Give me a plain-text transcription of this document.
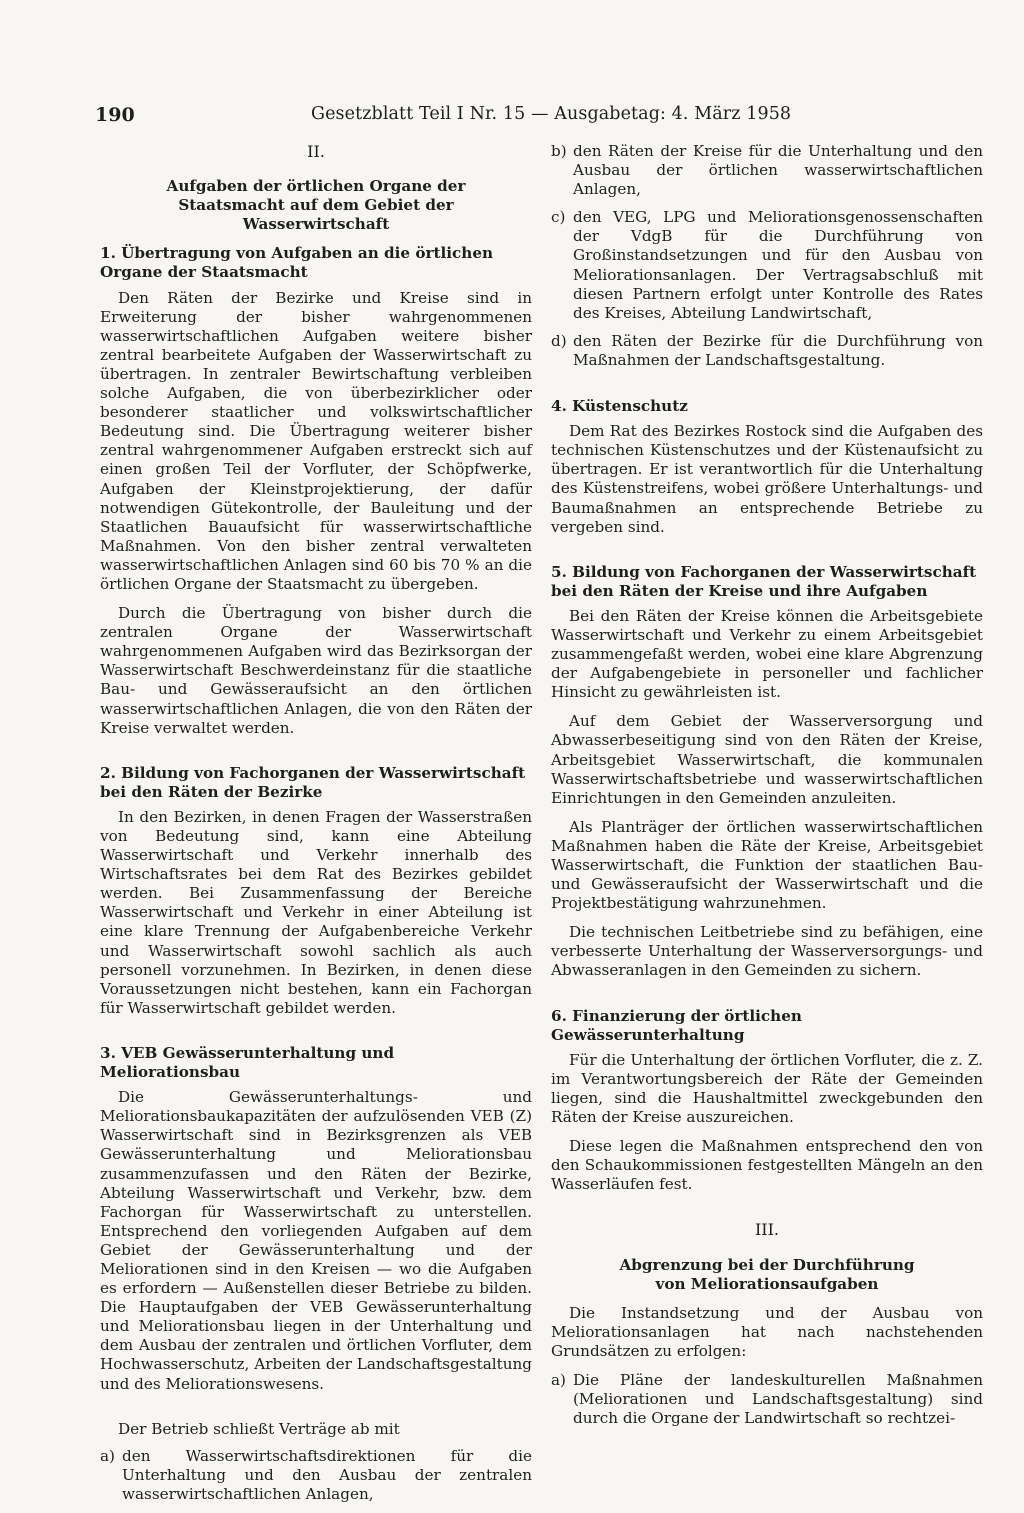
190	Gesetzblatt Teil I Nr. 15 — Ausgabetag: 4. März 1958
II.
Aufgaben der örtlichen Organe der Staatsmacht auf dem Gebiet der Wasserwirtschaft
1. Übertragung von Aufgaben an die örtlichen Organe der Staatsmacht

Den Räten der Bezirke und Kreise sind in Erweiterung der bisher wahrgenommenen wasserwirtschaftlichen Aufgaben weitere bisher zentral bearbeitete Aufgaben der Wasserwirtschaft zu übertragen. In zentraler Bewirtschaftung verbleiben solche Aufgaben, die von überbezirklicher oder besonderer staatlicher und volkswirtschaftlicher Bedeutung sind. Die Übertragung weiterer bisher zentral wahrgenommener Aufgaben erstreckt sich auf einen großen Teil der Vorfluter, der Schöpfwerke, Aufgaben der Kleinstprojektierung, der dafür notwendigen Gütekontrolle, der Bauleitung und der Staatlichen Bauaufsicht für wasserwirtschaftliche Maßnahmen. Von den bisher zentral verwalteten wasserwirtschaftlichen Anlagen sind 60 bis 70 % an die örtlichen Organe der Staatsmacht zu übergeben.

Durch die Übertragung von bisher durch die zentralen Organe der Wasserwirtschaft wahrgenommenen Aufgaben wird das Bezirksorgan der Wasserwirtschaft Beschwerdeinstanz für die staatliche Bau- und Gewässeraufsicht an den örtlichen wasserwirtschaftlichen Anlagen, die von den Räten der Kreise verwaltet werden.

2. Bildung von Fachorganen der Wasserwirtschaft bei den Räten der Bezirke

In den Bezirken, in denen Fragen der Wasserstraßen von Bedeutung sind, kann eine Abteilung Wasserwirtschaft und Verkehr innerhalb des Wirtschaftsrates bei dem Rat des Bezirkes gebildet werden. Bei Zusammenfassung der Bereiche Wasserwirtschaft und Verkehr in einer Abteilung ist eine klare Trennung der Aufgabenbereiche Verkehr und Wasserwirtschaft sowohl sachlich als auch personell vorzunehmen. In Bezirken, in denen diese Voraussetzungen nicht bestehen, kann ein Fachorgan für Wasserwirtschaft gebildet werden.

3. VEB Gewässerunterhaltung und Meliorationsbau

Die Gewässerunterhaltungs- und Meliorationsbaukapazitäten der aufzulösenden VEB (Z) Wasserwirtschaft sind in Bezirksgrenzen als VEB Gewässerunterhaltung und Meliorationsbau zusammenzufassen und den Räten der Bezirke, Abteilung Wasserwirtschaft und Verkehr, bzw. dem Fachorgan für Wasserwirtschaft zu unterstellen. Entsprechend den vorliegenden Aufgaben auf dem Gebiet der Gewässerunterhaltung und der Meliorationen sind in den Kreisen — wo die Aufgaben es erfordern — Außenstellen dieser Betriebe zu bilden. Die Hauptaufgaben der VEB Gewässerunterhaltung und Meliorationsbau liegen in der Unterhaltung und dem Ausbau der zentralen und örtlichen Vorfluter, dem Hochwasserschutz, Arbeiten der Landschaftsgestaltung und des Meliorationswesens.

Der Betrieb schließt Verträge ab mit

a) den Wasserwirtschaftsdirektionen für die Unterhaltung und den Ausbau der zentralen wasserwirtschaftlichen Anlagen,
b) den Räten der Kreise für die Unterhaltung und den Ausbau der örtlichen wasserwirtschaftlichen Anlagen,
c) den VEG, LPG und Meliorationsgenossenschaften der VdgB für die Durchführung von Großinstandsetzungen und für den Ausbau von Meliorationsanlagen. Der Vertragsabschluß mit diesen Partnern erfolgt unter Kontrolle des Rates des Kreises, Abteilung Landwirtschaft,
d) den Räten der Bezirke für die Durchführung von Maßnahmen der Landschaftsgestaltung.
4. Küstenschutz

Dem Rat des Bezirkes Rostock sind die Aufgaben des technischen Küstenschutzes und der Küstenaufsicht zu übertragen. Er ist verantwortlich für die Unterhaltung des Küstenstreifens, wobei größere Unterhaltungs- und Baumaßnahmen an entsprechende Betriebe zu vergeben sind.

5. Bildung von Fachorganen der Wasserwirtschaft bei den Räten der Kreise und ihre Aufgaben

Bei den Räten der Kreise können die Arbeitsgebiete Wasserwirtschaft und Verkehr zu einem Arbeitsgebiet zusammengefaßt werden, wobei eine klare Abgrenzung der Aufgabengebiete in personeller und fachlicher Hinsicht zu gewährleisten ist.

Auf dem Gebiet der Wasserversorgung und Abwasserbeseitigung sind von den Räten der Kreise, Arbeitsgebiet Wasserwirtschaft, die kommunalen Wasserwirtschaftsbetriebe und wasserwirtschaftlichen Einrichtungen in den Gemeinden anzuleiten.

Als Planträger der örtlichen wasserwirtschaftlichen Maßnahmen haben die Räte der Kreise, Arbeitsgebiet Wasserwirtschaft, die Funktion der staatlichen Bau- und Gewässeraufsicht der Wasserwirtschaft und die Projektbestätigung wahrzunehmen.

Die technischen Leitbetriebe sind zu befähigen, eine verbesserte Unterhaltung der Wasserversorgungs- und Abwasseranlagen in den Gemeinden zu sichern.

6. Finanzierung der örtlichen Gewässerunterhaltung

Für die Unterhaltung der örtlichen Vorfluter, die z. Z. im Verantwortungsbereich der Räte der Gemeinden liegen, sind die Haushaltmittel zweckgebunden den Räten der Kreise auszureichen.

Diese legen die Maßnahmen entsprechend den von den Schaukommissionen festgestellten Mängeln an den Wasserläufen fest.

III.
Abgrenzung bei der Durchführung von Meliorationsaufgaben

Die Instandsetzung und der Ausbau von Meliorationsanlagen hat nach nachstehenden Grundsätzen zu erfolgen:

a) Die Pläne der landeskulturellen Maßnahmen (Meliorationen und Landschaftsgestaltung) sind durch die Organe der Landwirtschaft so rechtzei-
